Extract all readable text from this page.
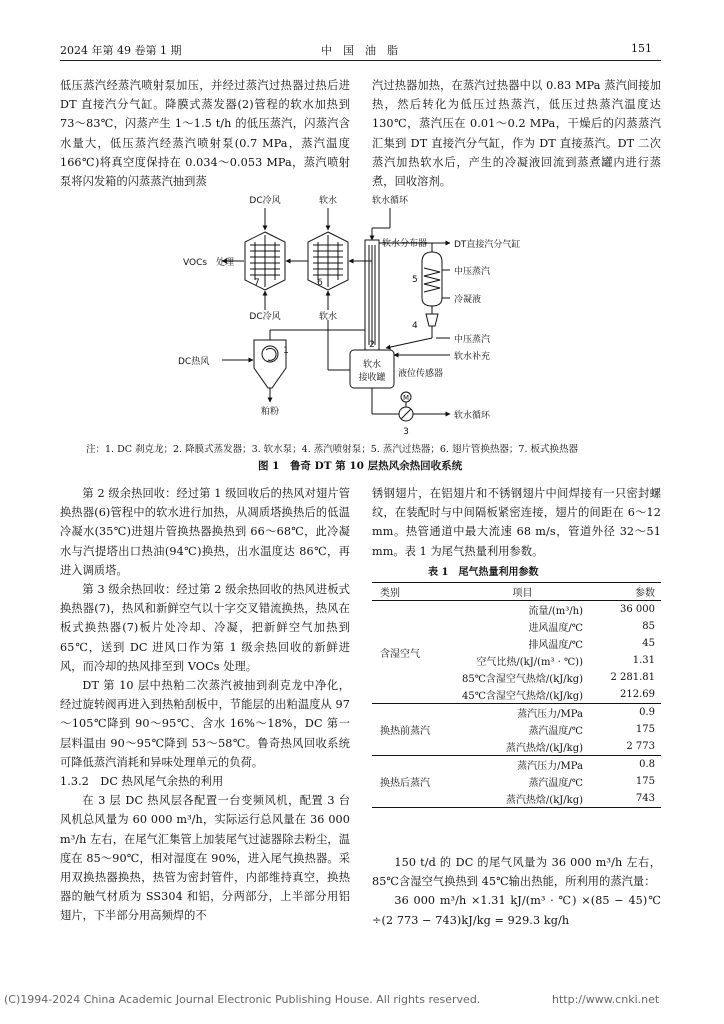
2024 年第 49 卷第 1 期	中　国　油　脂	151

低压蒸汽经蒸汽喷射泵加压，并经过蒸汽过热器过热后进 DT 直接汽分气缸。降膜式蒸发器(2)管程的软水加热到 73～83℃，闪蒸产生 1～1.5 t/h 的低压蒸汽，闪蒸汽含水量大，低压蒸汽经蒸汽喷射泵(0.7 MPa，蒸汽温度 166℃)将真空度保持在 0.034～0.053 MPa，蒸汽喷射泵将闪发箱的闪蒸蒸汽抽到蒸

汽过热器加热，在蒸汽过热器中以 0.83 MPa 蒸汽间接加热，然后转化为低压过热蒸汽，低压过热蒸汽温度达 130℃，蒸汽压在 0.01～0.2 MPa，干燥后的闪蒸蒸汽汇集到 DT 直接汽分气缸，作为 DT 直接蒸汽。DT 二次蒸汽加热软水后，产生的冷凝液回流到蒸煮罐内进行蒸煮，回收溶剂。

DC冷风	软水	软水循环
VOCs　处理
7	6
DC冷风	软水
软水分布器	DT直接汽分气缸
5
中压蒸汽
冷凝液
4
中压蒸汽
软水补充
2
软水
接收罐 液位传感器
M
3
软水循环
1
DC热风
粕粉
注：1. DC 刹克龙；2. 降膜式蒸发器；3. 软水泵；4. 蒸汽喷射泵；5. 蒸汽过热器；6. 翅片管换热器；7. 板式换热器
图 1　鲁奇 DT 第 10 层热风余热回收系统

第 2 级余热回收：经过第 1 级回收后的热风对翅片管换热器(6)管程中的软水进行加热，从凋质塔换热后的低温冷凝水(35℃)进翅片管换热器换热到 66～68℃，此冷凝水与汽提塔出口热油(94℃)换热，出水温度达 86℃，再进入调质塔。

第 3 级余热回收：经过第 2 级余热回收的热风进板式换热器(7)，热风和新鲜空气以十字交叉错流换热，热风在板式换热器(7)板片处冷却、冷凝，把新鲜空气加热到 65℃，送到 DC 进风口作为第 1 级余热回收的新鲜进风，而冷却的热风排至到 VOCs 处理。

DT 第 10 层中热粕二次蒸汽被抽到刹克龙中净化，经过旋转阀再进入到热粕刮板中，节能层的出粕温度从 97～105℃降到 90～95℃、含水 16%～18%，DC 第一层料温由 90～95℃降到 53～58℃。鲁奇热风回收系统可降低蒸汽消耗和异味处理单元的负荷。

1.3.2　DC 热风尾气余热的利用

在 3 层 DC 热风层各配置一台变频风机，配置 3 台风机总风量为 60 000 m³/h，实际运行总风量在 36 000 m³/h 左右，在尾气汇集管上加装尾气过滤器除去粉尘，温度在 85～90℃，相对湿度在 90%，进入尾气换热器。采用双换热器换热，热管为密封管件，内部维持真空，换热器的触气材质为 SS304 和铝，分两部分，上半部分用铝翅片，下半部分用高频焊的不

锈钢翅片，在铝翅片和不锈钢翅片中间焊接有一只密封螺纹，在装配时与中间隔板紧密连接，翅片的间距在 6～12 mm。热管通道中最大流速 68 m/s，管道外径 32～51 mm。表 1 为尾气热量利用参数。

表 1　尾气热量利用参数
类别	项目	参数
含湿空气	流量/(m³/h)	36 000
	进风温度/℃	85
	排风温度/℃	45
	空气比热/(kJ/(m³ · ℃))	1.31
	85℃含湿空气热焓/(kJ/kg)	2 281.81
	45℃含湿空气热焓/(kJ/kg)	212.69
换热前蒸汽	蒸汽压力/MPa	0.9
	蒸汽温度/℃	175
	蒸汽热焓/(kJ/kg)	2 773
换热后蒸汽	蒸汽压力/MPa	0.8
	蒸汽温度/℃	175
	蒸汽热焓/(kJ/kg)	743

150 t/d 的 DC 的尾气风量为 36 000 m³/h 左右，85℃含湿空气换热到 45℃输出热能，所利用的蒸汽量：

36 000 m³/h ×1.31 kJ/(m³ · ℃) ×(85 − 45)℃ ÷(2 773 − 743)kJ/kg = 929.3 kg/h

(C)1994-2024 China Academic Journal Electronic Publishing House. All rights reserved.	http://www.cnki.net
